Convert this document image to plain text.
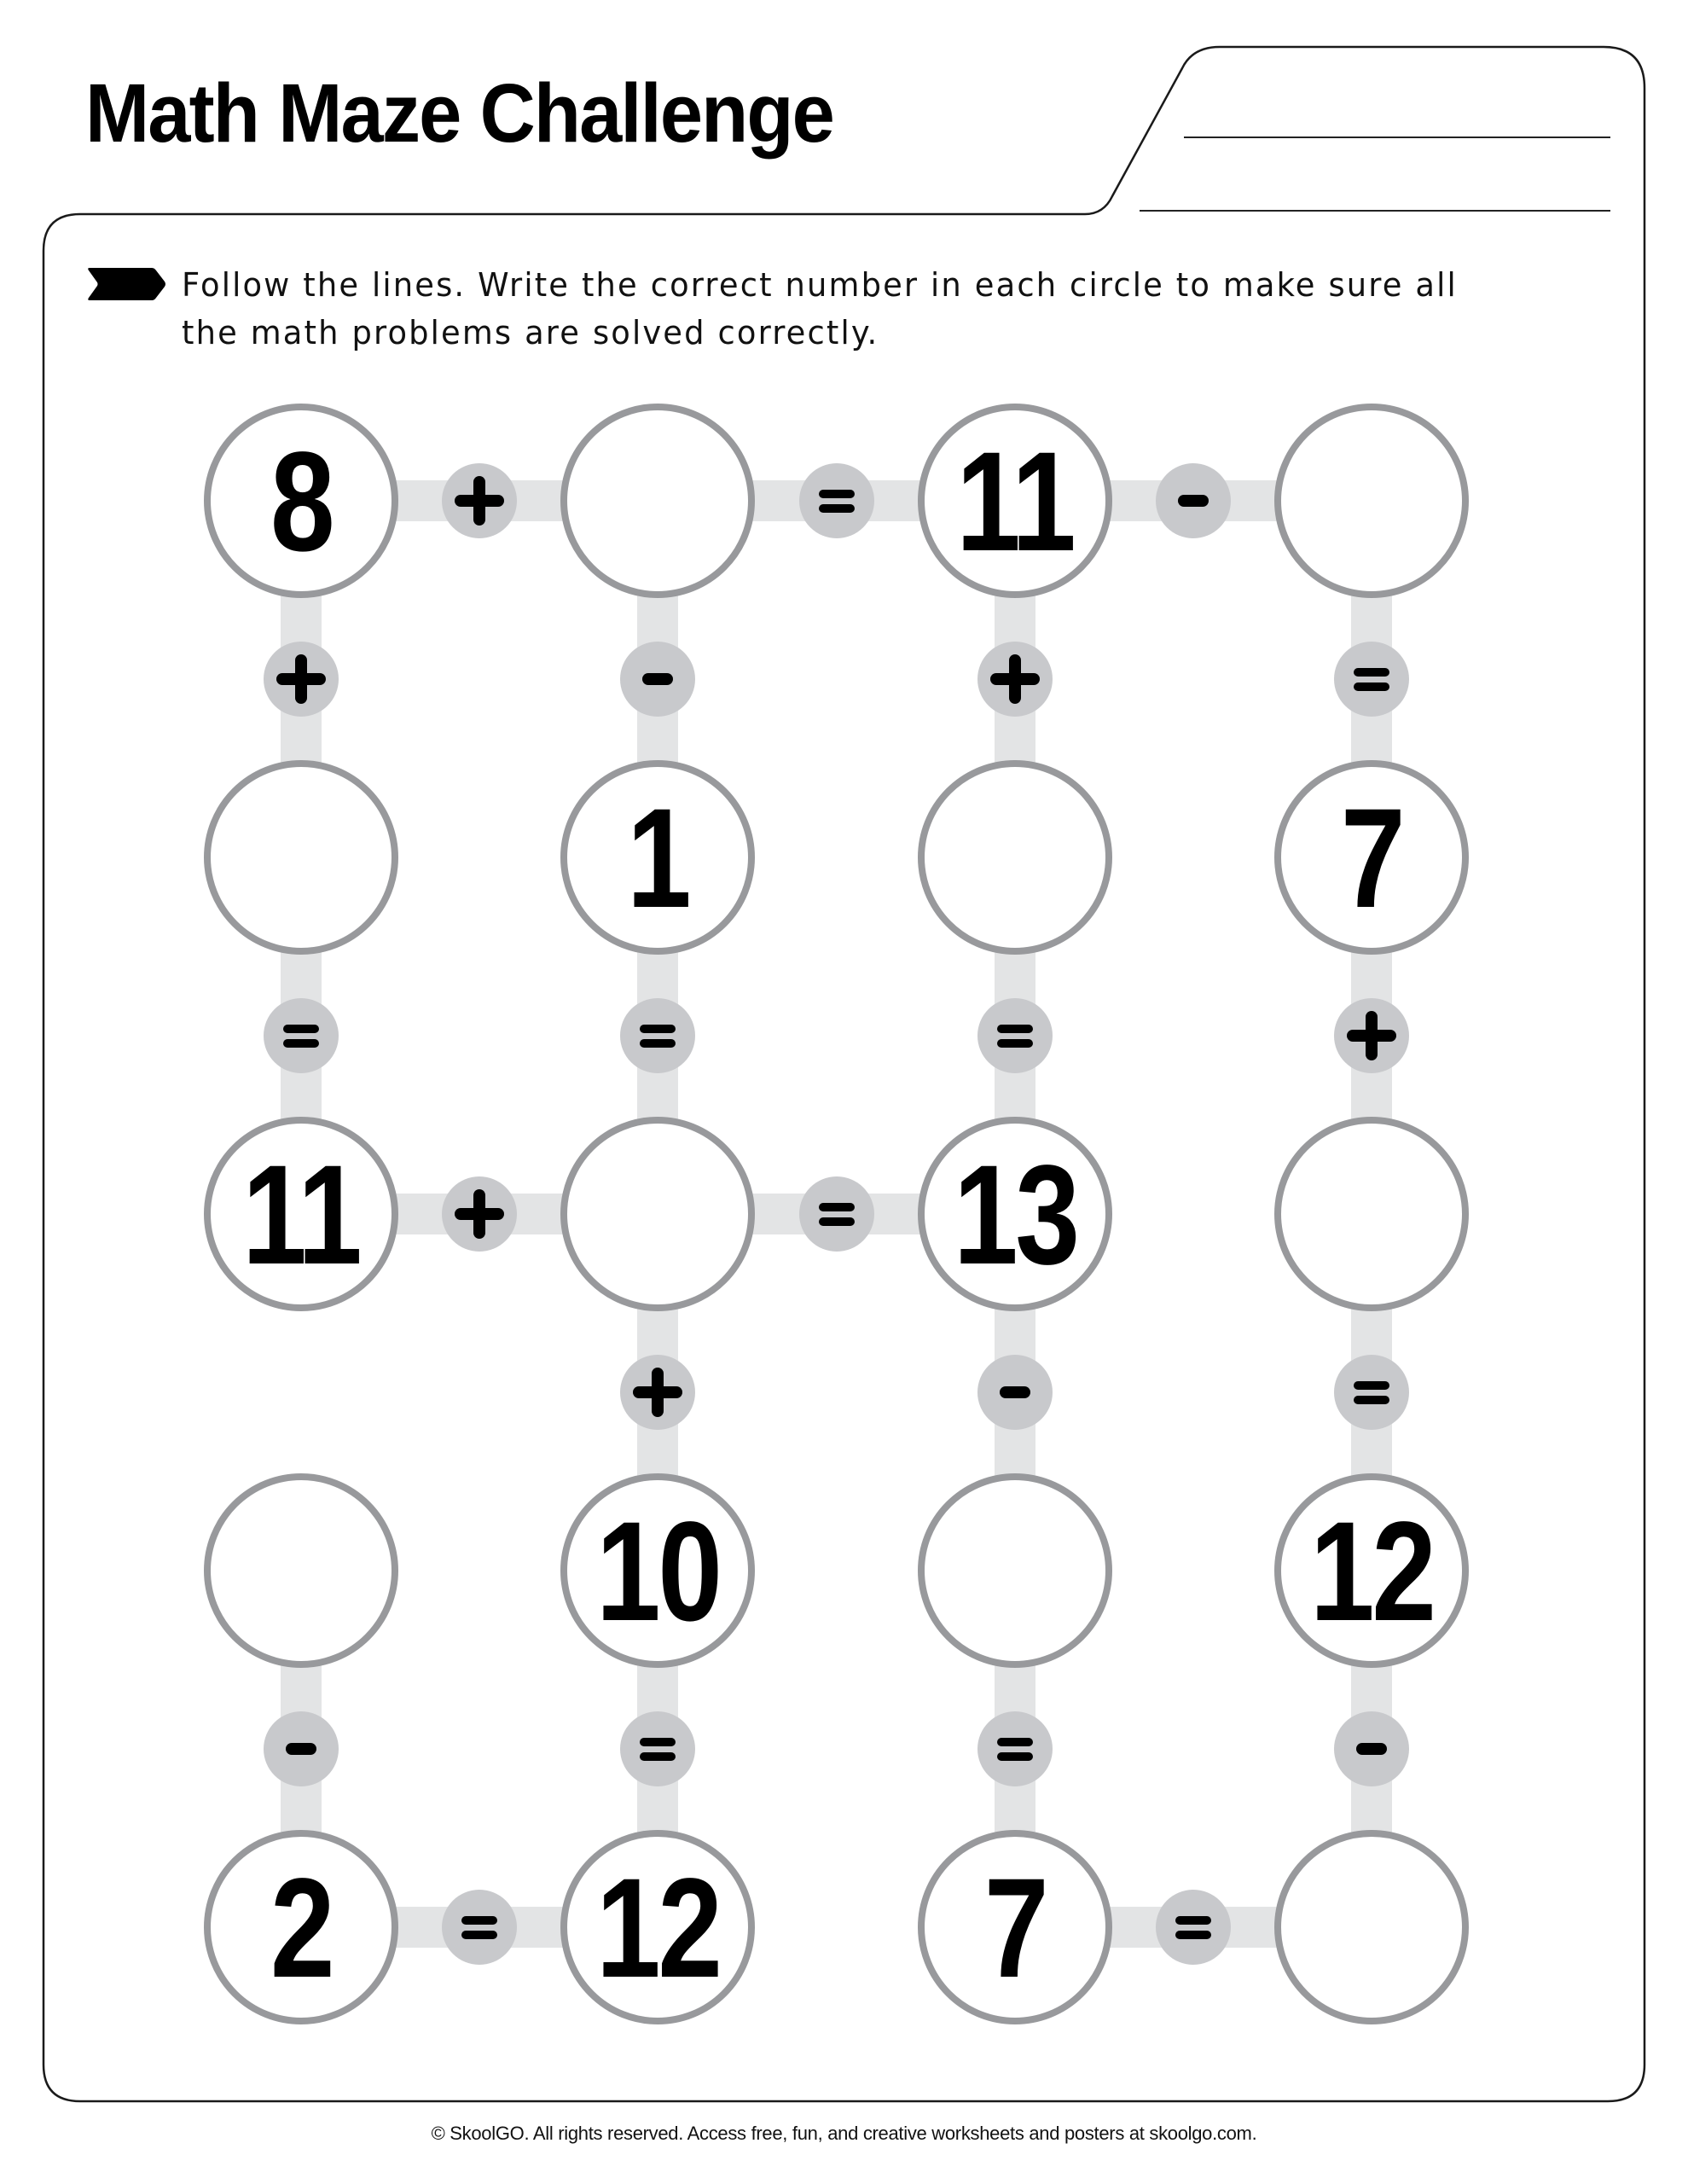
Math Maze Challenge
Follow the lines. Write the correct number in each circle to make sure all
the math problems are solved correctly.
8	11
1	7
11	13
10	12
2 12 7
© SkoolGO. All rights reserved. Access free, fun, and creative worksheets and posters at skoolgo.com.
